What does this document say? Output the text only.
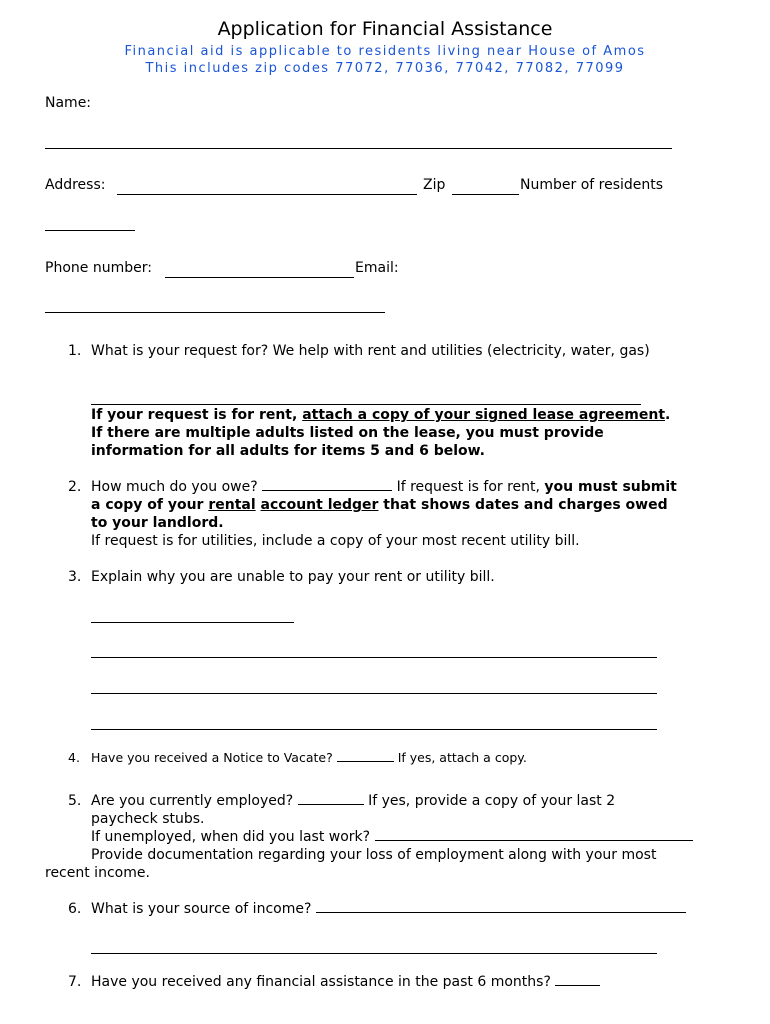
Application for Financial Assistance
Financial aid is applicable to residents living near House of Amos
This includes zip codes 77072, 77036, 77042, 77082, 77099
Name:
Address:	Zip	Number of residents
Phone number:	Email:
1. What is your request for? We help with rent and utilities (electricity, water, gas)
If your request is for rent, attach a copy of your signed lease agreement.
If there are multiple adults listed on the lease, you must provide
information for all adults for items 5 and 6 below.
2. How much do you owe?	If request is for rent, you must submit
a copy of your rental account ledger that shows dates and charges owed
to your landlord.
If request is for utilities, include a copy of your most recent utility bill.
3. Explain why you are unable to pay your rent or utility bill.
4. Have you received a Notice to Vacate?	If yes, attach a copy.
5. Are you currently employed?	If yes, provide a copy of your last 2
paycheck stubs.
If unemployed, when did you last work?
Provide documentation regarding your loss of employment along with your most
recent income.
6. What is your source of income?
7. Have you received any financial assistance in the past 6 months?
